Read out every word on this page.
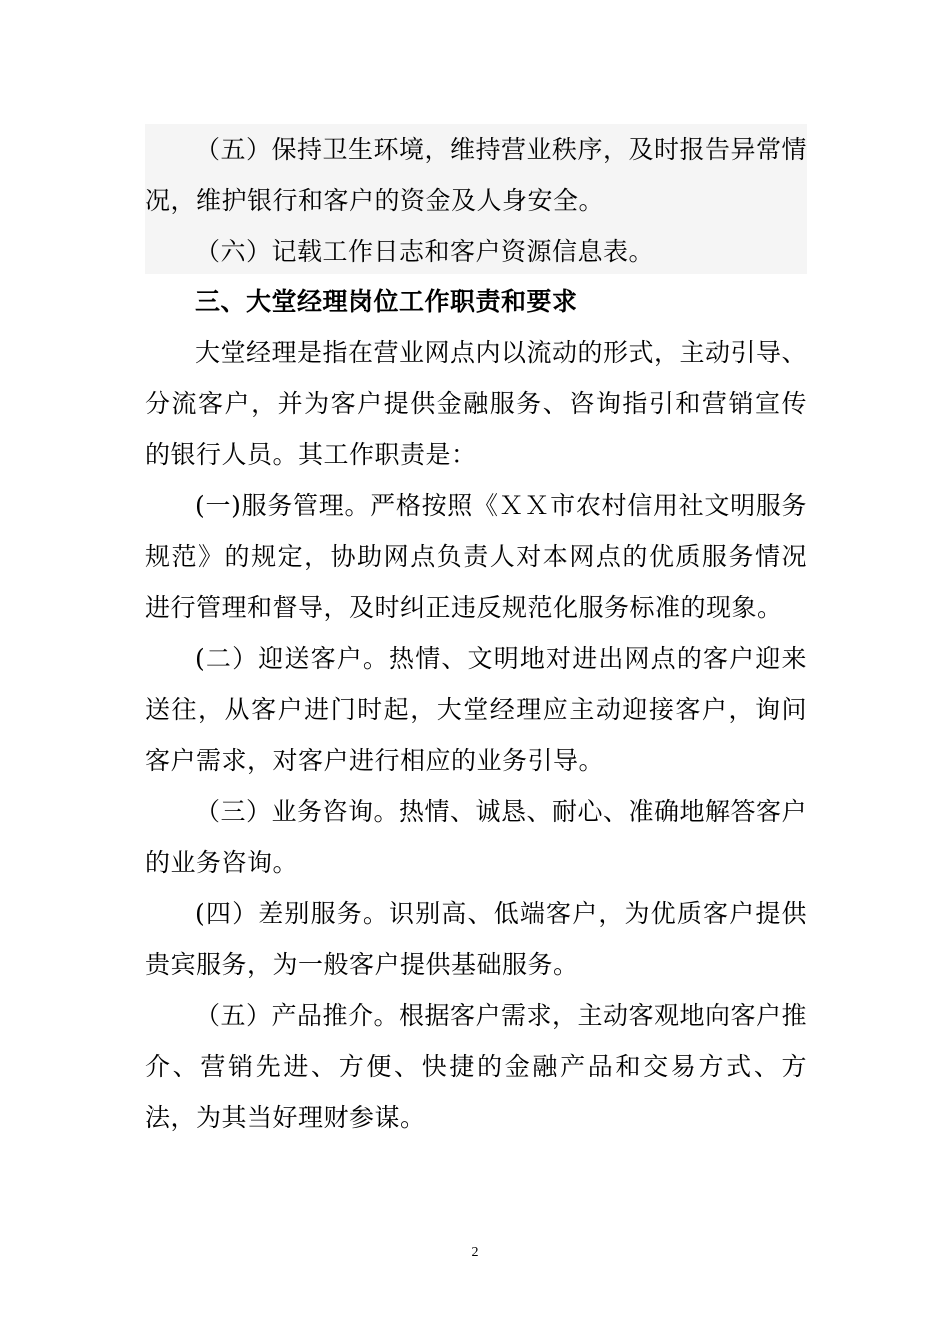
（五）保持卫生环境，维持营业秩序，及时报告异常情况，维护银行和客户的资金及人身安全。

（六）记载工作日志和客户资源信息表。

三、大堂经理岗位工作职责和要求

大堂经理是指在营业网点内以流动的形式，主动引导、分流客户，并为客户提供金融服务、咨询指引和营销宣传的银行人员。其工作职责是：

(一)服务管理。严格按照《ＸＸ市农村信用社文明服务规范》的规定，协助网点负责人对本网点的优质服务情况进行管理和督导，及时纠正违反规范化服务标准的现象。

(二）迎送客户。热情、文明地对进出网点的客户迎来送往，从客户进门时起，大堂经理应主动迎接客户，询问客户需求，对客户进行相应的业务引导。

（三）业务咨询。热情、诚恳、耐心、准确地解答客户的业务咨询。

(四）差别服务。识别高、低端客户，为优质客户提供贵宾服务，为一般客户提供基础服务。

（五）产品推介。根据客户需求，主动客观地向客户推介、营销先进、方便、快捷的金融产品和交易方式、方法，为其当好理财参谋。

2
